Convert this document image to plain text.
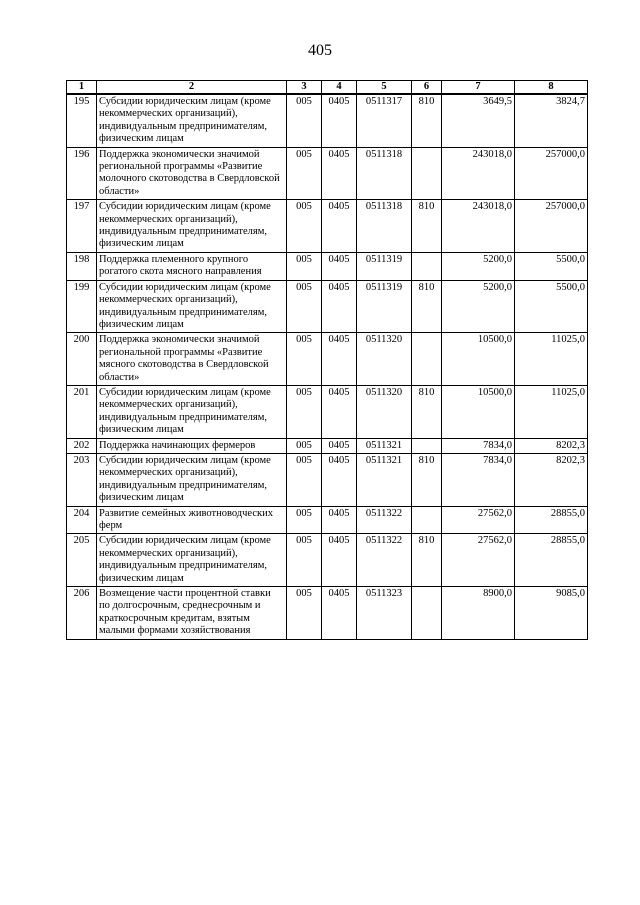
405
1	2	3	4	5	6	7	8
195	Субсидии юридическим лицам (кроме некоммерческих организаций), индивидуальным предпринимателям, физическим лицам	005	0405	0511317	810	3649,5	3824,7
196	Поддержка экономически значимой региональной программы «Развитие молочного скотоводства в Свердловской области»	005	0405	0511318		243018,0	257000,0
197	Субсидии юридическим лицам (кроме некоммерческих организаций), индивидуальным предпринимателям, физическим лицам	005	0405	0511318	810	243018,0	257000,0
198	Поддержка племенного крупного рогатого скота мясного направления	005	0405	0511319		5200,0	5500,0
199	Субсидии юридическим лицам (кроме некоммерческих организаций), индивидуальным предпринимателям, физическим лицам	005	0405	0511319	810	5200,0	5500,0
200	Поддержка экономически значимой региональной программы «Развитие мясного скотоводства в Свердловской области»	005	0405	0511320		10500,0	11025,0
201	Субсидии юридическим лицам (кроме некоммерческих организаций), индивидуальным предпринимателям, физическим лицам	005	0405	0511320	810	10500,0	11025,0
202	Поддержка начинающих фермеров	005	0405	0511321		7834,0	8202,3
203	Субсидии юридическим лицам (кроме некоммерческих организаций), индивидуальным предпринимателям, физическим лицам	005	0405	0511321	810	7834,0	8202,3
204	Развитие семейных животноводческих ферм	005	0405	0511322		27562,0	28855,0
205	Субсидии юридическим лицам (кроме некоммерческих организаций), индивидуальным предпринимателям, физическим лицам	005	0405	0511322	810	27562,0	28855,0
206	Возмещение части процентной ставки по долгосрочным, среднесрочным и краткосрочным кредитам, взятым малыми формами хозяйствования	005	0405	0511323		8900,0	9085,0
